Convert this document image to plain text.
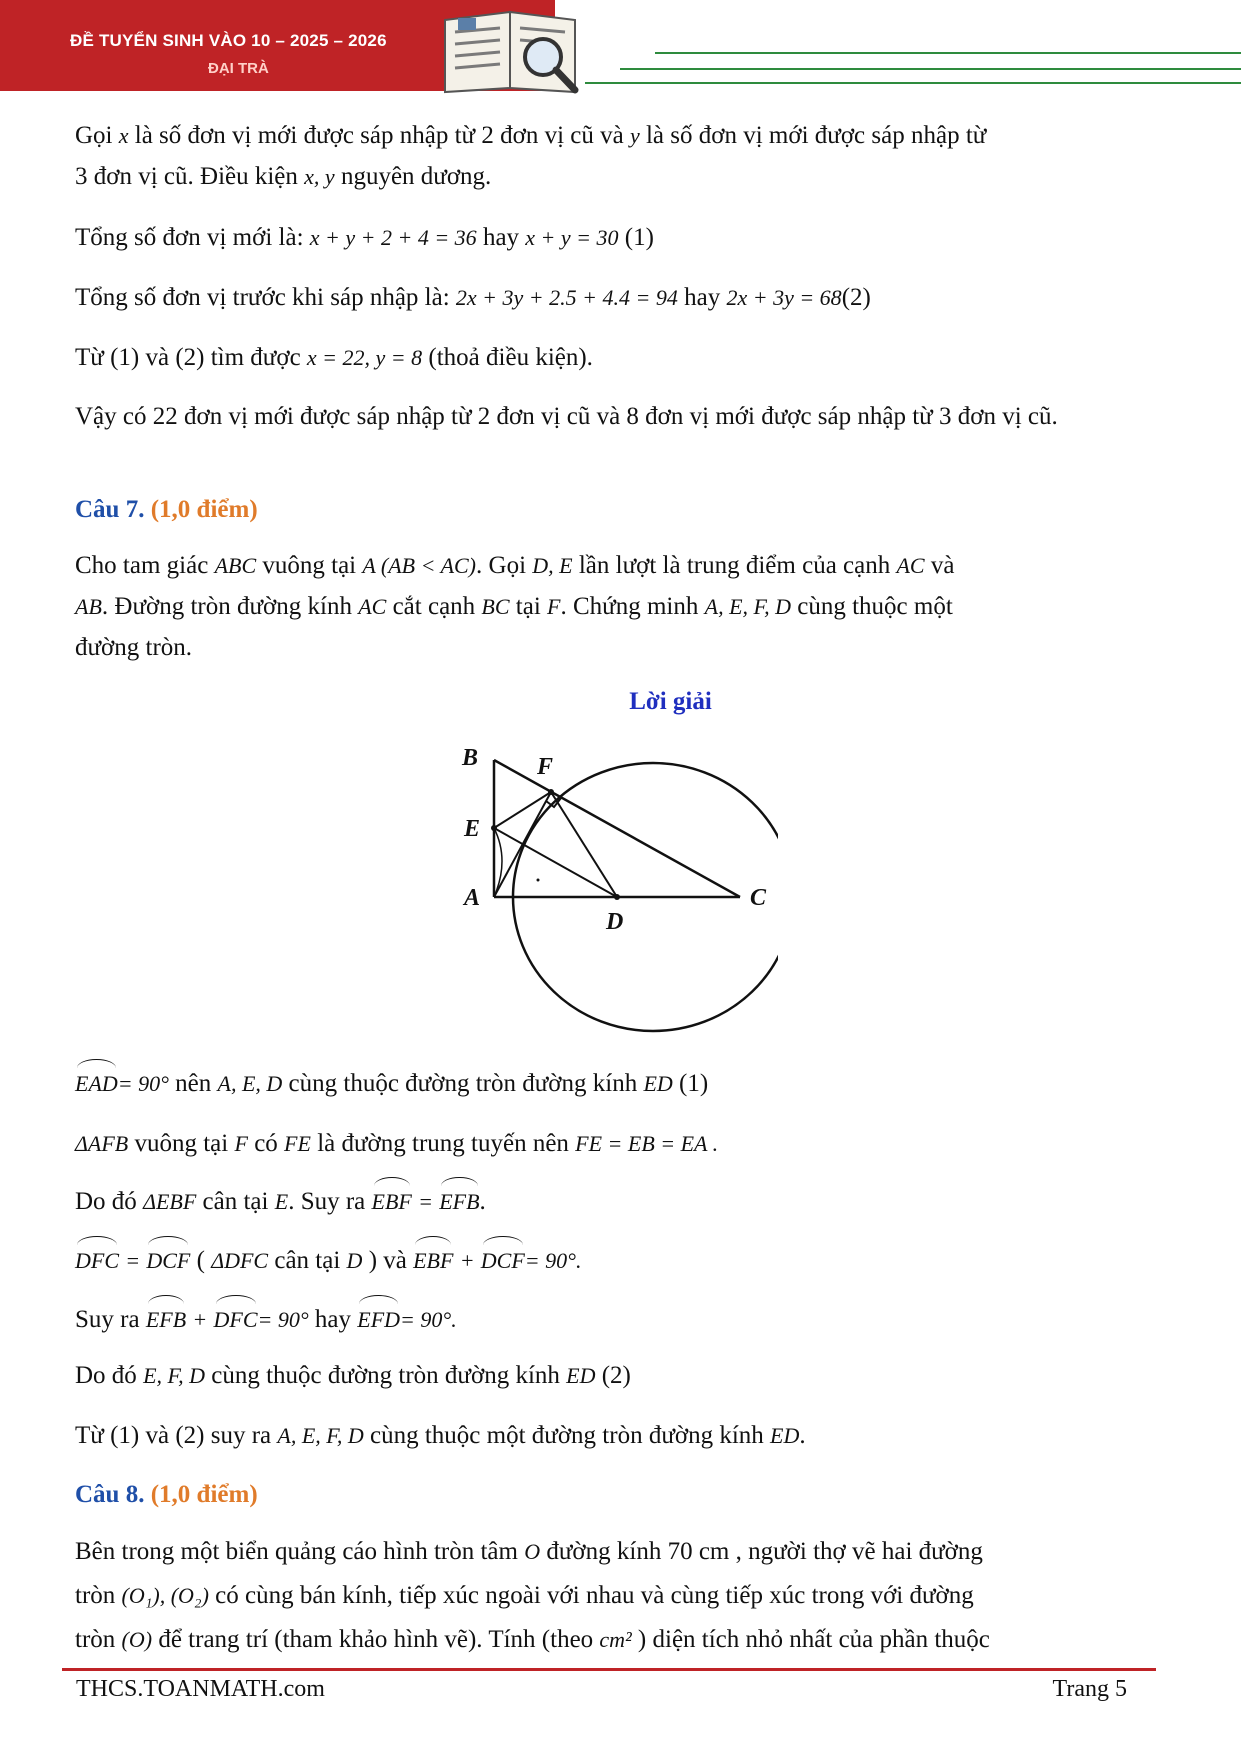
ĐỀ TUYỂN SINH VÀO 10 – 2025 – 2026
ĐẠI TRÀ
Gọi x là số đơn vị mới được sáp nhập từ 2 đơn vị cũ và y là số đơn vị mới được sáp nhập từ
3 đơn vị cũ. Điều kiện x, y nguyên dương.
Tổng số đơn vị mới là: x + y + 2 + 4 = 36 hay x + y = 30 (1)
Tổng số đơn vị trước khi sáp nhập là: 2x + 3y + 2.5 + 4.4 = 94 hay 2x + 3y = 68(2)
Từ (1) và (2) tìm được x = 22, y = 8 (thoả điều kiện).
Vậy có 22 đơn vị mới được sáp nhập từ 2 đơn vị cũ và 8 đơn vị mới được sáp nhập từ 3 đơn vị cũ.
Câu 7. (1,0 điểm)
Cho tam giác ABC vuông tại A (AB < AC). Gọi D, E lần lượt là trung điểm của cạnh AC và
AB. Đường tròn đường kính AC cắt cạnh BC tại F. Chứng minh A, E, F, D cùng thuộc một
đường tròn.
Lời giải
B F
E
A
D
C
EAD= 90° nên A, E, D cùng thuộc đường tròn đường kính ED (1)
ΔAFB vuông tại F có FE là đường trung tuyến nên FE = EB = EA .
Do đó ΔEBF cân tại E. Suy ra EBF = EFB.
DFC = DCF ( ΔDFC cân tại D ) và EBF + DCF= 90°.
Suy ra EFB + DFC= 90° hay EFD= 90°.
Do đó E, F, D cùng thuộc đường tròn đường kính ED (2)
Từ (1) và (2) suy ra A, E, F, D cùng thuộc một đường tròn đường kính ED.
Câu 8. (1,0 điểm)
Bên trong một biển quảng cáo hình tròn tâm O đường kính 70 cm , người thợ vẽ hai đường
tròn (O₁), (O₂) có cùng bán kính, tiếp xúc ngoài với nhau và cùng tiếp xúc trong với đường
tròn (O) để trang trí (tham khảo hình vẽ). Tính (theo cm² ) diện tích nhỏ nhất của phần thuộc
THCS.TOANMATH.com	Trang 5
